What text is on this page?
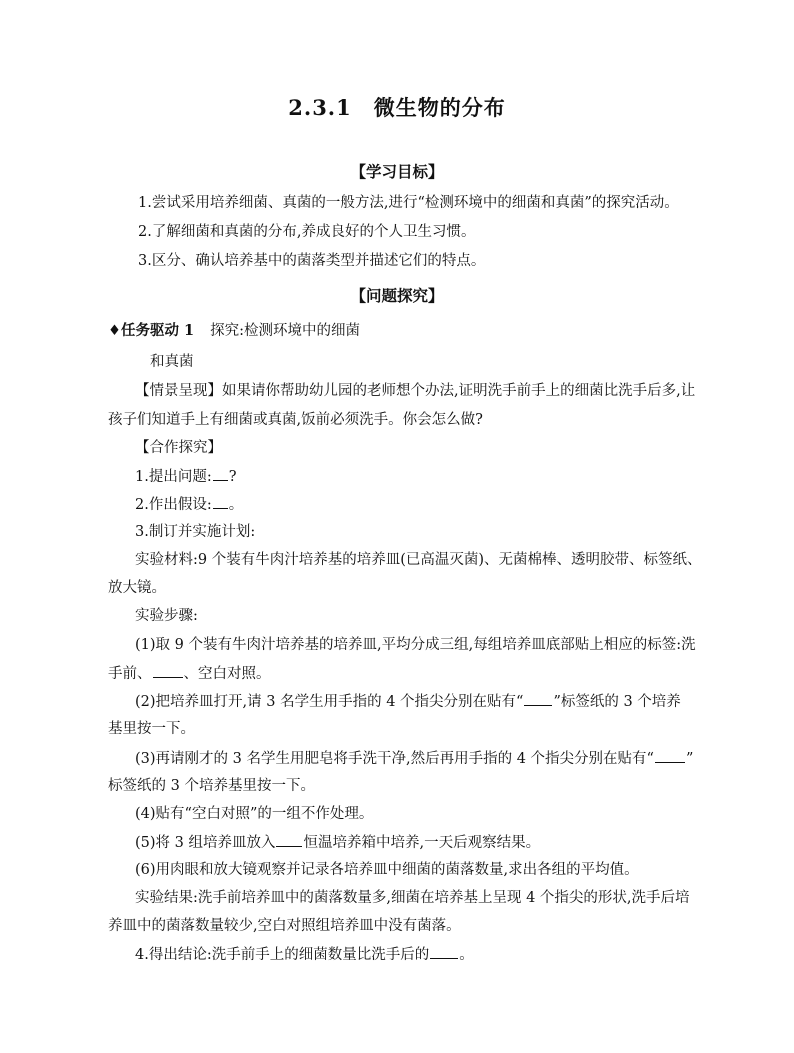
2.3.1　微生物的分布
【学习目标】
1.尝试采用培养细菌、真菌的一般方法,进行“检测环境中的细菌和真菌”的探究活动。
2.了解细菌和真菌的分布,养成良好的个人卫生习惯。
3.区分、确认培养基中的菌落类型并描述它们的特点。
【问题探究】
♦任务驱动 1 探究:检测环境中的细菌
和真菌
【情景呈现】如果请你帮助幼儿园的老师想个办法,证明洗手前手上的细菌比洗手后多,让
孩子们知道手上有细菌或真菌,饭前必须洗手。你会怎么做?
【合作探究】
1.提出问题: ?
2.作出假设: 。
3.制订并实施计划:
实验材料:9 个装有牛肉汁培养基的培养皿(已高温灭菌)、无菌棉棒、透明胶带、标签纸、
放大镜。
实验步骤:
(1)取 9 个装有牛肉汁培养基的培养皿,平均分成三组,每组培养皿底部贴上相应的标签:洗
手前、 、空白对照。
(2)把培养皿打开,请 3 名学生用手指的 4 个指尖分别在贴有“ ”标签纸的 3 个培养
基里按一下。
(3)再请刚才的 3 名学生用肥皂将手洗干净,然后再用手指的 4 个指尖分别在贴有“ ”
标签纸的 3 个培养基里按一下。
(4)贴有“空白对照”的一组不作处理。
(5)将 3 组培养皿放入 恒温培养箱中培养,一天后观察结果。
(6)用肉眼和放大镜观察并记录各培养皿中细菌的菌落数量,求出各组的平均值。
实验结果:洗手前培养皿中的菌落数量多,细菌在培养基上呈现 4 个指尖的形状,洗手后培
养皿中的菌落数量较少,空白对照组培养皿中没有菌落。
4.得出结论:洗手前手上的细菌数量比洗手后的 。
